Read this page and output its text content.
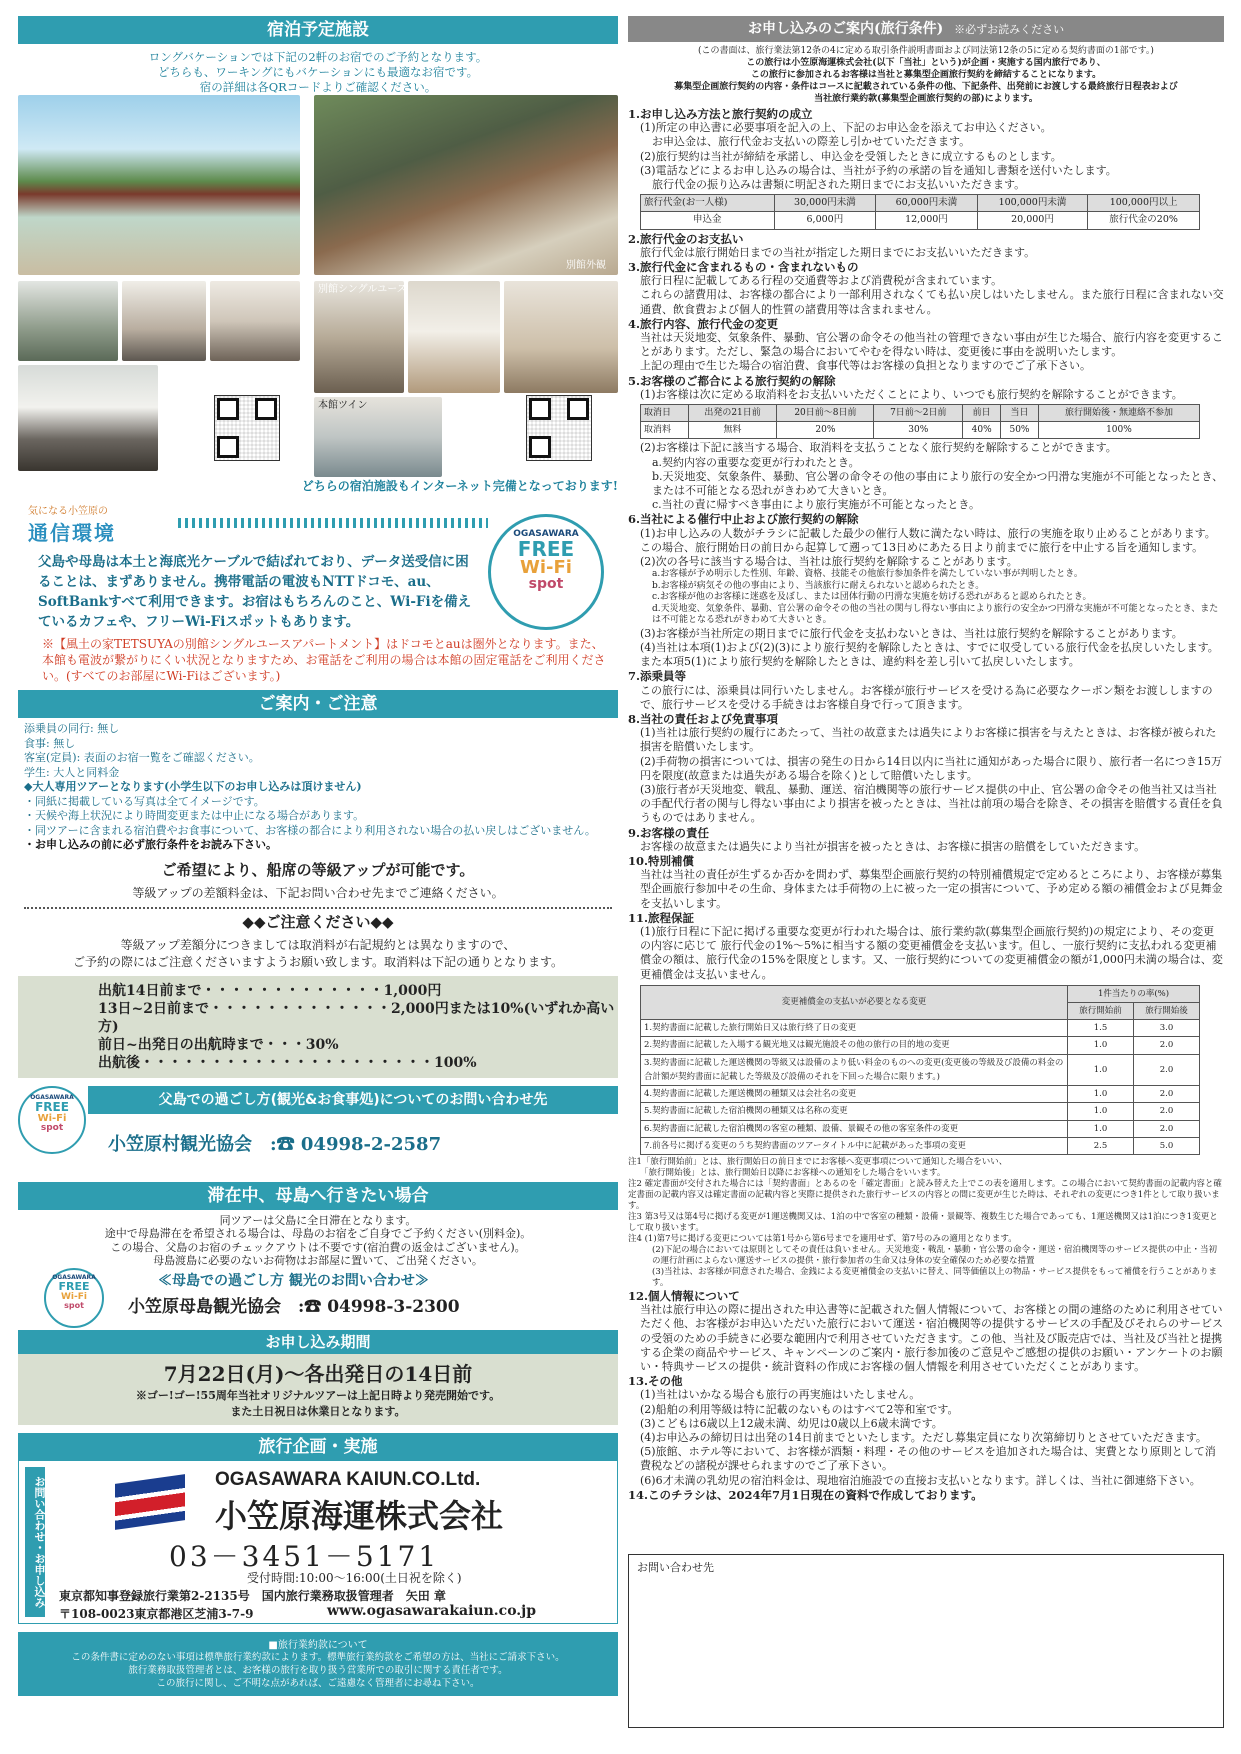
宿泊予定施設
ロングバケーションでは下記の2軒のお宿でのご予約となります。
どちらも、ワーキングにもバケーションにも最適なお宿です。
宿の詳細は各QRコードよりご確認ください。
別館外観
別館シングルユース
本館ツイン
どちらの宿泊施設もインターネット完備となっております!
気になる小笠原の
通信環境
父島や母島は本土と海底光ケーブルで結ばれており、データ送受信に困ることは、まずありません。携帯電話の電波もNTTドコモ、au、SoftBankすべて利用できます。お宿はもちろんのこと、Wi-Fiを備えているカフェや、フリーWi-Fiスポットもあります。
OGASAWARA
FREE
Wi-Fi
spot
※【風土の家TETSUYAの別館シングルユースアパートメント】はドコモとauは圏外となります。また、本館も電波が繋がりにくい状況となりますため、お電話をご利用の場合は本館の固定電話をご利用ください。(すべてのお部屋にWi-Fiはございます。)
ご案内・ご注意
添乗員の同行: 無し
食事: 無し
客室(定員): 表面のお宿一覧をご確認ください。
学生: 大人と同料金
◆大人専用ツアーとなります(小学生以下のお申し込みは頂けません)
・同紙に掲載している写真は全てイメージです。
・天候や海上状況により時間変更または中止になる場合があります。
・同ツアーに含まれる宿泊費やお食事について、お客様の都合により利用されない場合の払い戻しはございません。
・お申し込みの前に必ず旅行条件をお読み下さい。
ご希望により、船席の等級アップが可能です。
等級アップの差額料金は、下記お問い合わせ先までご連絡ください。
◆◆ご注意ください◆◆
等級アップ差額分につきましては取消料が右記規約とは異なりますので、
ご予約の際にはご注意くださいますようお願い致します。取消料は下記の通りとなります。
出航14日前まで・・・・・・・・・・・・・1,000円
13日~2日前まで・・・・・・・・・・・・・2,000円または10%(いずれか高い方)
前日~出発日の出航時まで・・・30%
出航後・・・・・・・・・・・・・・・・・・・・・100%
父島での過ごし方(観光&お食事処)についてのお問い合わせ先
OGASAWARA
FREE
Wi-Fi
spot
小笠原村観光協会　:☎ 04998-2-2587
滞在中、母島へ行きたい場合
同ツアーは父島に全日滞在となります。
途中で母島滞在を希望される場合は、母島のお宿をご自身でご予約ください(別料金)。
この場合、父島のお宿のチェックアウトは不要です(宿泊費の返金はございません)。
母島渡島に必要のないお荷物はお部屋に置いて、ご出発ください。
OGASAWARA
FREE
Wi-Fi
spot
≪母島での過ごし方 観光のお問い合わせ≫
小笠原母島観光協会　:☎ 04998-3-2300
お申し込み期間
7月22日(月)～各出発日の14日前
※ゴー!ゴー!55周年当社オリジナルツアーは上記日時より発売開始です。
また土日祝日は休業日となります。
旅行企画・実施
お問い合わせ・お申し込み	OGASAWARA KAIUN.CO.Ltd.
小笠原海運株式会社
03－3451－5171
受付時間:10:00～16:00(土日祝を除く)
東京都知事登録旅行業第2-2135号　国内旅行業務取扱管理者　矢田 章
〒108-0023東京都港区芝浦3-7-9	www.ogasawarakaiun.co.jp
■旅行業約款について
この条件書に定めのない事項は標準旅行業約款によります。標準旅行業約款をご希望の方は、当社にご請求下さい。
旅行業務取扱管理者とは、お客様の旅行を取り扱う営業所での取引に関する責任者です。
この旅行に関し、ご不明な点があれば、ご遠慮なく管理者にお尋ね下さい。
お申し込みのご案内(旅行条件) ※必ずお読みください
(この書面は、旅行業法第12条の4に定める取引条件説明書面および同法第12条の5に定める契約書面の1部です。)
この旅行は小笠原海運株式会社(以下「当社」という)が企画・実施する国内旅行であり、
この旅行に参加されるお客様は当社と募集型企画旅行契約を締結することになります。
募集型企画旅行契約の内容・条件はコースに記載されている条件の他、下記条件、出発前にお渡しする最終旅行日程表および
当社旅行業約款(募集型企画旅行契約の部)によります。
1.お申し込み方法と旅行契約の成立
(1)所定の申込書に必要事項を記入の上、下記のお申込金を添えてお申込ください。
お申込金は、旅行代金お支払いの際差し引かせていただきます。
(2)旅行契約は当社が締結を承諾し、申込金を受領したときに成立するものとします。
(3)電話などによるお申し込みの場合は、当社が予約の承諾の旨を通知し書類を送付いたします。
旅行代金の振り込みは書類に明記された期日までにお支払いいただきます。
旅行代金(お一人様)	30,000円未満	60,000円未満	100,000円未満	100,000円以上
申込金	6,000円	12,000円	20,000円	旅行代金の20%
2.旅行代金のお支払い
旅行代金は旅行開始日までの当社が指定した期日までにお支払いいただきます。
3.旅行代金に含まれるもの・含まれないもの
旅行日程に記載してある行程の交通費等および消費税が含まれています。
これらの諸費用は、お客様の都合により一部利用されなくても払い戻しはいたしません。また旅行日程に含まれない交通費、飲食費および個人的性質の諸費用等は含まれません。
4.旅行内容、旅行代金の変更
当社は天災地変、気象条件、暴動、官公署の命令その他当社の管理できない事由が生じた場合、旅行内容を変更することがあります。ただし、緊急の場合においてやむを得ない時は、変更後に事由を説明いたします。
上記の理由で生じた場合の宿泊費、食事代等はお客様の負担となりますのでご了承下さい。
5.お客様のご都合による旅行契約の解除
(1)お客様は次に定める取消料をお支払いいただくことにより、いつでも旅行契約を解除することができます。
取消日	出発の21日前	20日前～8日前	7日前～2日前	前日	当日	旅行開始後・無連絡不参加
取消料	無料	20%	30%	40%	50%	100%
(2)お客様は下記に該当する場合、取消料を支払うことなく旅行契約を解除することができます。
a.契約内容の重要な変更が行われたとき。
b.天災地変、気象条件、暴動、官公署の命令その他の事由により旅行の安全かつ円滑な実施が不可能となったとき、または不可能となる恐れがきわめて大きいとき。
c.当社の責に帰すべき事由により旅行実施が不可能となったとき。
6.当社による催行中止および旅行契約の解除
(1)お申し込みの人数がチラシに記載した最少の催行人数に満たない時は、旅行の実施を取り止めることがあります。この場合、旅行開始日の前日から起算して遡って13日めにあたる日より前までに旅行を中止する旨を通知します。
(2)次の各号に該当する場合は、当社は旅行契約を解除することがあります。
a.お客様が予め明示した性別、年齢、資格、技能その他旅行参加条件を満たしていない事が判明したとき。
b.お客様が病気その他の事由により、当該旅行に耐えられないと認められたとき。
c.お客様が他のお客様に迷惑を及ぼし、または団体行動の円滑な実施を妨げる恐れがあると認められたとき。
d.天災地変、気象条件、暴動、官公署の命令その他の当社の関与し得ない事由により旅行の安全かつ円滑な実施が不可能となったとき、または不可能となる恐れがきわめて大きいとき。
(3)お客様が当社所定の期日までに旅行代金を支払わないときは、当社は旅行契約を解除することがあります。
(4)当社は本項(1)および(2)(3)により旅行契約を解除したときは、すでに収受している旅行代金を払戻しいたします。また本項5(1)により旅行契約を解除したときは、違約料を差し引いて払戻しいたします。
7.添乗員等
この旅行には、添乗員は同行いたしません。お客様が旅行サービスを受ける為に必要なクーポン類をお渡ししますので、旅行サービスを受ける手続きはお客様自身で行って頂きます。
8.当社の責任および免責事項
(1)当社は旅行契約の履行にあたって、当社の故意または過失によりお客様に損害を与えたときは、お客様が被られた損害を賠償いたします。
(2)手荷物の損害については、損害の発生の日から14日以内に当社に通知があった場合に限り、旅行者一名につき15万円を限度(故意または過失がある場合を除く)として賠償いたします。
(3)旅行者が天災地変、戦乱、暴動、運送、宿泊機関等の旅行サービス提供の中止、官公署の命令その他当社又は当社の手配代行者の関与し得ない事由により損害を被ったときは、当社は前項の場合を除き、その損害を賠償する責任を負うものではありません。
9.お客様の責任
お客様の故意または過失により当社が損害を被ったときは、お客様に損害の賠償をしていただきます。
10.特別補償
当社は当社の責任が生ずるか否かを問わず、募集型企画旅行契約の特別補償規定で定めるところにより、お客様が募集型企画旅行参加中その生命、身体または手荷物の上に被った一定の損害について、予め定める額の補償金および見舞金を支払いします。
11.旅程保証
(1)旅行日程に下記に掲げる重要な変更が行われた場合は、旅行業約款(募集型企画旅行契約)の規定により、その変更の内容に応じて 旅行代金の1%～5%に相当する額の変更補償金を支払います。但し、一旅行契約に支払われる変更補償金の額は、旅行代金の15%を限度とします。又、一旅行契約についての変更補償金の額が1,000円未満の場合は、変更補償金は支払いません。
変更補償金の支払いが必要となる変更	1件当たりの率(%)	
	旅行開始前	旅行開始後
1.契約書面に記載した旅行開始日又は旅行終了日の変更	1.5	3.0
2.契約書面に記載した入場する観光地又は観光施設その他の旅行の目的地の変更	1.0	2.0
3.契約書面に記載した運送機関の等級又は設備のより低い料金のものへの変更(変更後の等級及び設備の料金の合計額が契約書面に記載した等級及び設備のそれを下回った場合に限ります。)	1.0	2.0
4.契約書面に記載した運送機関の種類又は会社名の変更	1.0	2.0
5.契約書面に記載した宿泊機関の種類又は名称の変更	1.0	2.0
6.契約書面に記載した宿泊機関の客室の種類、設備、景観その他の客室条件の変更	1.0	2.0
7.前各号に掲げる変更のうち契約書面のツアータイトル中に記載があった事項の変更	2.5	5.0
注1「旅行開始前」とは、旅行開始日の前日までにお客様へ変更事項について通知した場合をいい、
「旅行開始後」とは、旅行開始日以降にお客様への通知をした場合をいいます。
注2 確定書面が交付された場合には「契約書面」とあるのを「確定書面」と読み替えた上でこの表を適用します。この場合において契約書面の記載内容と確定書面の記載内容又は確定書面の記載内容と実際に提供された旅行サービスの内容との間に変更が生じた時は、それぞれの変更につき1件として取り扱います。
注3 第3号又は第4号に掲げる変更が1運送機関又は、1泊の中で客室の種類・設備・景観等、複数生じた場合であっても、1運送機関又は1泊につき1変更として取り扱います。
注4 (1)第7号に掲げる変更については第1号から第6号までを適用せず、第7号のみの適用となります。
(2)下記の場合においては原則としてその責任は負いません。天災地変・戦乱・暴動・官公署の命令・運送・宿泊機関等のサービス提供の中止・当初の運行計画によらない運送サービスの提供・旅行参加者の生命又は身体の安全確保のため必要な措置
(3)当社は、お客様が同意された場合、金銭による変更補償金の支払いに替え、同等価値以上の物品・サービス提供をもって補償を行うことがあります。
12.個人情報について
当社は旅行申込の際に提出された申込書等に記載された個人情報について、お客様との間の連絡のために利用させていただく他、お客様がお申込いただいた旅行において運送・宿泊機関等の提供するサービスの手配及びそれらのサービスの受領のための手続きに必要な範囲内で利用させていただきます。この他、当社及び販売店では、当社及び当社と提携する企業の商品やサービス、キャンペーンのご案内・旅行参加後のご意見やご感想の提供のお願い・アンケートのお願い・特典サービスの提供・統計資料の作成にお客様の個人情報を利用させていただくことがあります。
13.その他
(1)当社はいかなる場合も旅行の再実施はいたしません。
(2)船舶の利用等級は特に記載のないものはすべて2等和室です。
(3)こどもは6歳以上12歳未満、幼児は0歳以上6歳未満です。
(4)お申込みの締切日は出発の14日前までといたします。ただし募集定員になり次第締切りとさせていただきます。
(5)旅館、ホテル等において、お客様が酒類・料理・その他のサービスを追加された場合は、実費となり原則として消費税などの諸税が課せられますのでご了承下さい。
(6)6才未満の乳幼児の宿泊料金は、現地宿泊施設での直接お支払いとなります。詳しくは、当社に御連絡下さい。
14.このチラシは、2024年7月1日現在の資料で作成しております。
お問い合わせ先
